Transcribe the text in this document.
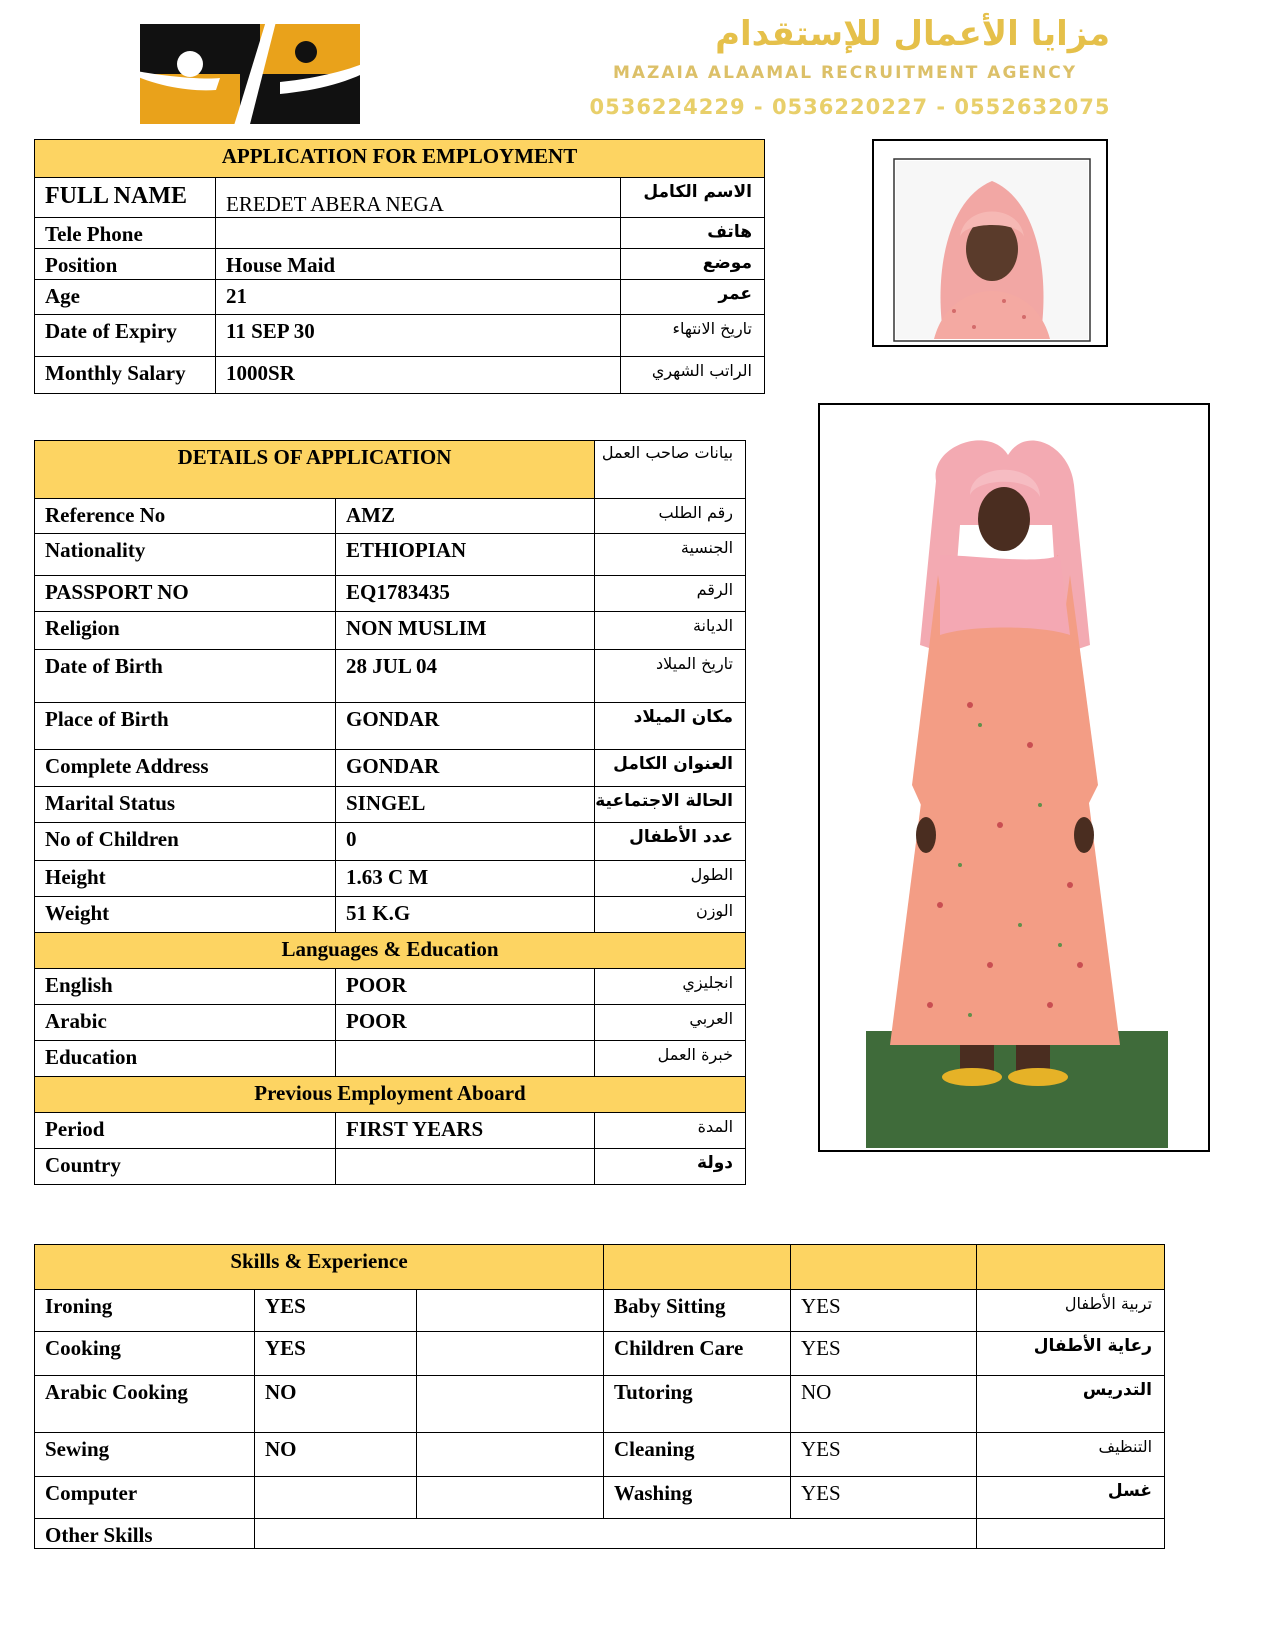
مزايا الأعمال للإستقدام
MAZAIA ALAAMAL RECRUITMENT AGENCY
0536224229 - 0536220227 - 0552632075
APPLICATION FOR EMPLOYMENT		
FULL NAME	EREDET ABERA NEGA	الاسم الكامل
Tele Phone		هاتف
Position	House Maid	موضع
Age	21	عمر
Date of Expiry	11 SEP 30	تاريخ الانتهاء
Monthly Salary	1000SR	الراتب الشهري
DETAILS OF APPLICATION		بيانات صاحب العمل
Reference No	AMZ	رقم الطلب
Nationality	ETHIOPIAN	الجنسية
PASSPORT NO	EQ1783435	الرقم
Religion	NON MUSLIM	الديانة
Date of Birth	28 JUL 04	تاريخ الميلاد
Place of Birth	GONDAR	مكان الميلاد
Complete Address	GONDAR	العنوان الكامل
Marital Status	SINGEL	الحالة الاجتماعية
No of Children	0	عدد الأطفال
Height	1.63 C M	الطول
Weight	51 K.G	الوزن
Languages & Education		
English	POOR	انجليزي
Arabic	POOR	العربي
Education		خبرة العمل
Previous Employment Aboard		
Period	FIRST YEARS	المدة
Country		دولة
Skills & Experience					
Ironing	YES		Baby Sitting	YES	تربية الأطفال
Cooking	YES		Children Care	YES	رعاية الأطفال
Arabic Cooking	NO		Tutoring	NO	التدريس
Sewing	NO		Cleaning	YES	التنظيف
Computer			Washing	YES	غسل
Other Skills					
